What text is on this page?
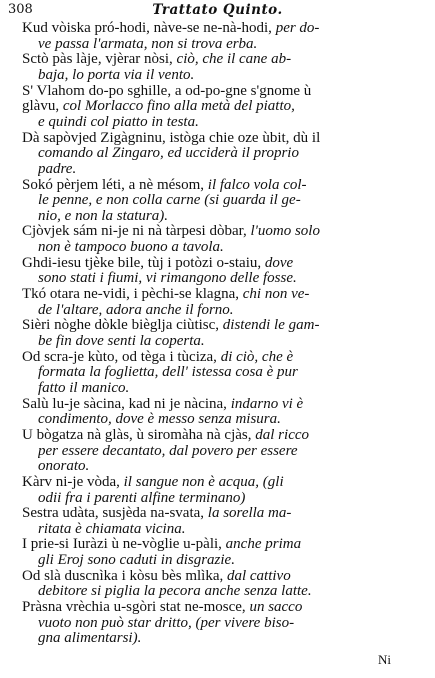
308	Trattato Quinto.
Kud vòiska pró-hodi, nàve-se ne-nà-hodi, per do-
ve passa l'armata, non si trova erba.
Sctò pàs làje, vjèrar nòsi, ciò, che il cane ab-
baja, lo porta via il vento.
S' Vlahom do-po sghille, a od-po-gne s'gnome ù
glàvu, col Morlacco fino alla metà del piatto,
e quindi col piatto in testa.
Dà sapòvjed Zigàgninu, istòga chie oze ùbit, dù il
comando al Zingaro, ed ucciderà il proprio
padre.
Sokó pèrjem léti, a nè mésom, il falco vola col-
le penne, e non colla carne (si guarda il ge-
nio, e non la statura).
Cjòvjek sám ni-je ni nà tàrpesi dòbar, l'uomo solo
non è tampoco buono a tavola.
Ghdi-iesu tjèke bile, tùj i potòzi o-staiu, dove
sono stati i fiumi, vi rimangono delle fosse.
Tkó otara ne-vidi, i pèchi-se klagna, chi non ve-
de l'altare, adora anche il forno.
Sièri nòghe dòkle bièglja ciùtisc, distendi le gam-
be fin dove senti la coperta.
Od scra-je kùto, od tèga i tùciza, di ciò, che è
formata la foglietta, dell' istessa cosa è pur
fatto il manico.
Salù lu-je sàcina, kad ni je nàcina, indarno vi è
condimento, dove è messo senza misura.
U bògatza nà glàs, ù siromàha nà cjàs, dal ricco
per essere decantato, dal povero per essere
onorato.
Kàrv ni-je vòda, il sangue non è acqua, (gli
odii fra i parenti alfine terminano)
Sestra udàta, susjèda na-svata, la sorella ma-
ritata è chiamata vicina.
I prie-si Iuràzi ù ne-vòglie u-pàli, anche prima
gli Eroj sono caduti in disgrazie.
Od slà duscnìka i kòsu bès mlìka, dal cattivo
debitore si piglia la pecora anche senza latte.
Pràsna vrèchia u-sgòri stat ne-mosce, un sacco
vuoto non può star dritto, (per vivere biso-
gna alimentarsi).
Ni
